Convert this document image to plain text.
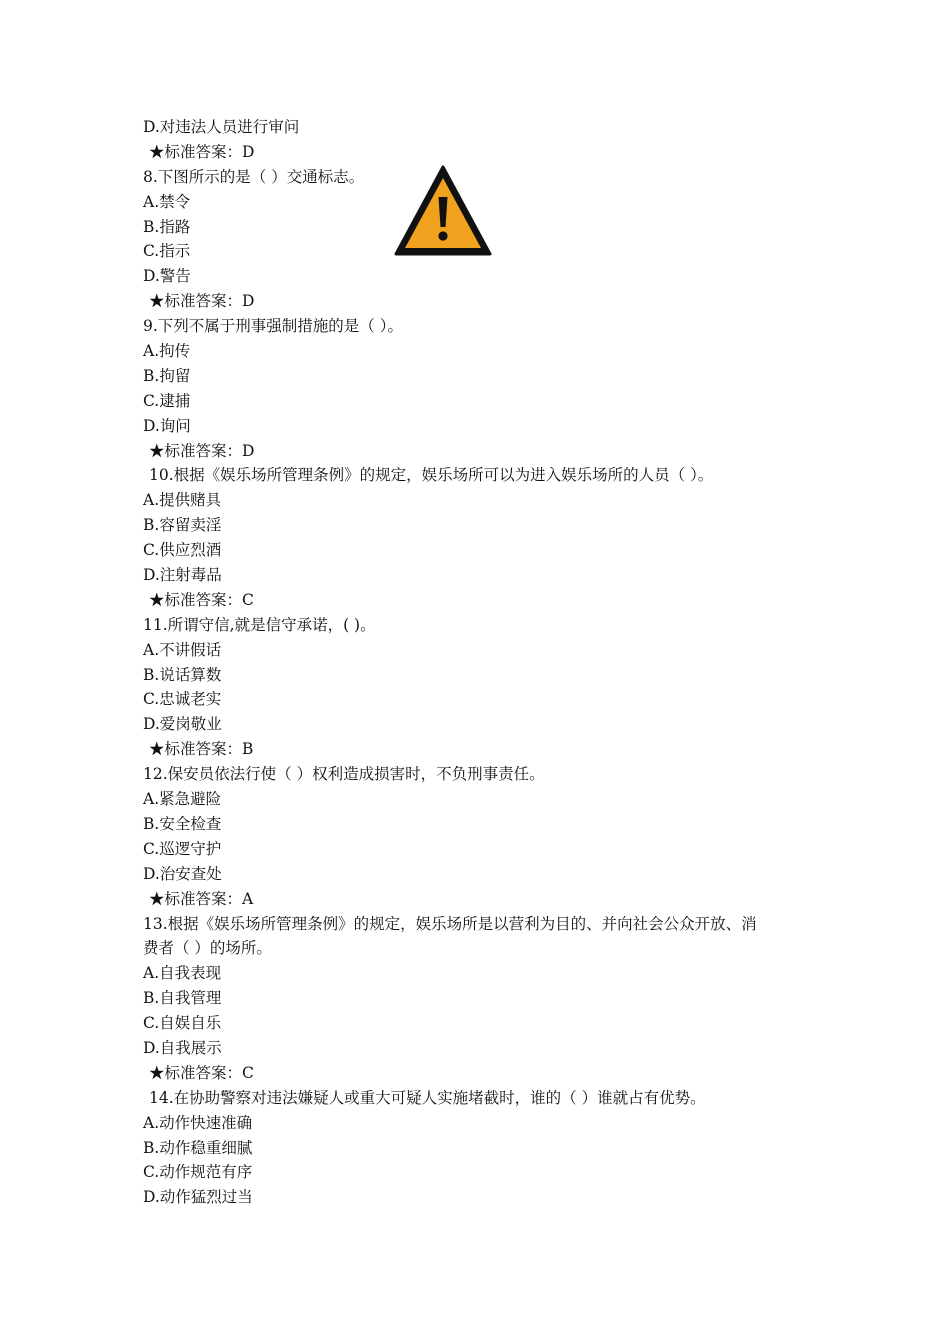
D.对违法人员进行审问
★标准答案：D
8.下图所示的是（ ）交通标志。
A.禁令
B.指路
C.指示
D.警告
★标准答案：D
9.下列不属于刑事强制措施的是（ ）。
A.拘传
B.拘留
C.逮捕
D.询问
★标准答案：D
10.根据《娱乐场所管理条例》的规定，娱乐场所可以为进入娱乐场所的人员（ ）。
A.提供赌具
B.容留卖淫
C.供应烈酒
D.注射毒品
★标准答案：C
11.所谓守信,就是信守承诺，( )。
A.不讲假话
B.说话算数
C.忠诚老实
D.爱岗敬业
★标准答案：B
12.保安员依法行使（ ）权利造成损害时，不负刑事责任。
A.紧急避险
B.安全检查
C.巡逻守护
D.治安查处
★标准答案：A
13.根据《娱乐场所管理条例》的规定，娱乐场所是以营利为目的、并向社会公众开放、消
费者（ ）的场所。
A.自我表现
B.自我管理
C.自娱自乐
D.自我展示
★标准答案：C
14.在协助警察对违法嫌疑人或重大可疑人实施堵截时，谁的（ ）谁就占有优势。
A.动作快速准确
B.动作稳重细腻
C.动作规范有序
D.动作猛烈过当
